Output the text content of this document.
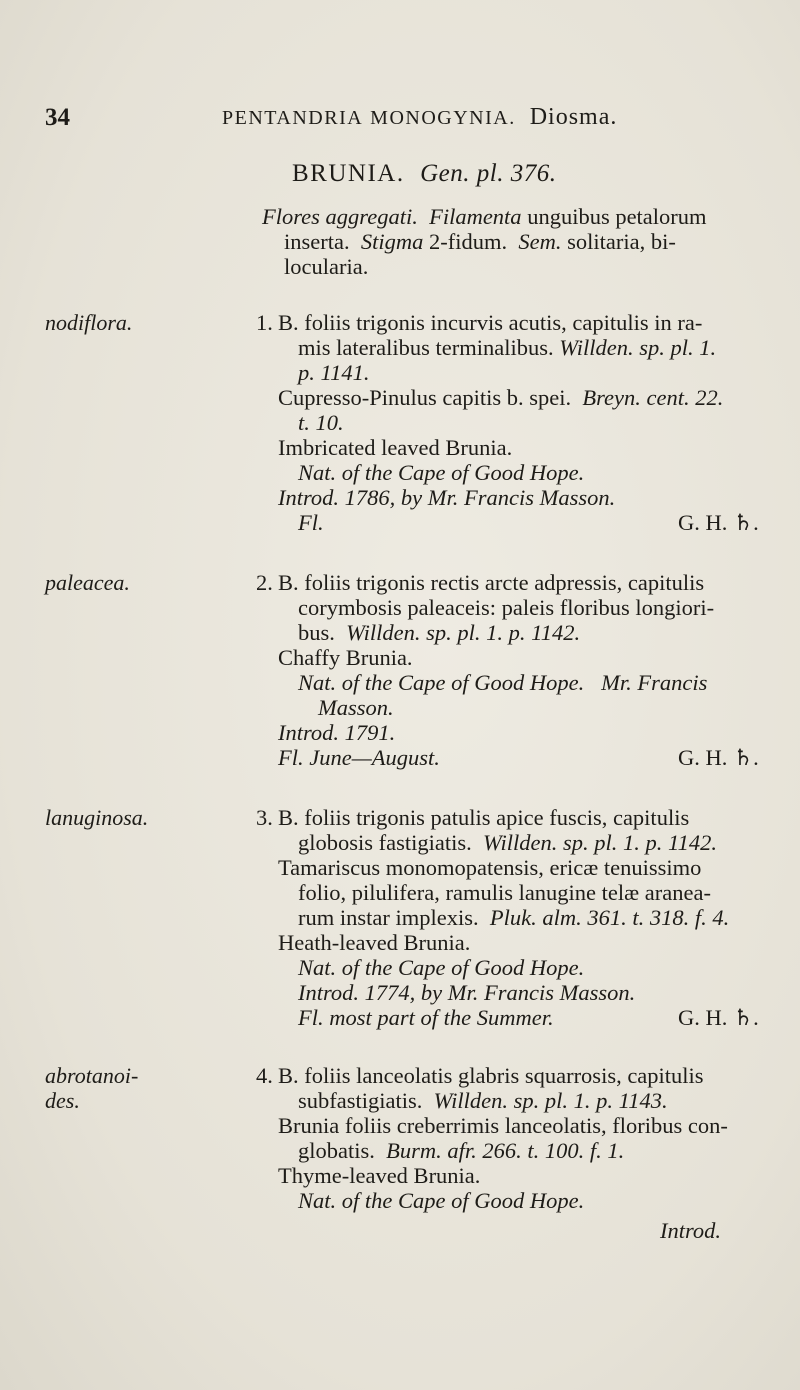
34	PENTANDRIA MONOGYNIA. Diosma.
BRUNIA. Gen. pl. 376.
Flores aggregati. Filamenta unguibus petalorum
inserta. Stigma 2-fidum. Sem. solitaria, bi-
locularia.
nodiflora.	1. B. foliis trigonis incurvis acutis, capitulis in ra-
mis lateralibus terminalibus. Willden. sp. pl. 1.
p. 1141.
Cupresso-Pinulus capitis b. spei. Breyn. cent. 22.
t. 10.
Imbricated leaved Brunia.
Nat. of the Cape of Good Hope.
Introd. 1786, by Mr. Francis Masson.
Fl.	G. H. ♄.
paleacea.	2. B. foliis trigonis rectis arcte adpressis, capitulis
corymbosis paleaceis: paleis floribus longiori-
bus. Willden. sp. pl. 1. p. 1142.
Chaffy Brunia.
Nat. of the Cape of Good Hope. Mr. Francis
Masson.
Introd. 1791.
Fl. June—August.	G. H. ♄.
lanuginosa.	3. B. foliis trigonis patulis apice fuscis, capitulis
globosis fastigiatis. Willden. sp. pl. 1. p. 1142.
Tamariscus monomopatensis, ericæ tenuissimo
folio, pilulifera, ramulis lanugine telæ aranea-
rum instar implexis. Pluk. alm. 361. t. 318. f. 4.
Heath-leaved Brunia.
Nat. of the Cape of Good Hope.
Introd. 1774, by Mr. Francis Masson.
Fl. most part of the Summer.	G. H. ♄.
abrotanoi-
des.
4. B. foliis lanceolatis glabris squarrosis, capitulis
subfastigiatis. Willden. sp. pl. 1. p. 1143.
Brunia foliis creberrimis lanceolatis, floribus con-
globatis. Burm. afr. 266. t. 100. f. 1.
Thyme-leaved Brunia.
Nat. of the Cape of Good Hope.
Introd.
